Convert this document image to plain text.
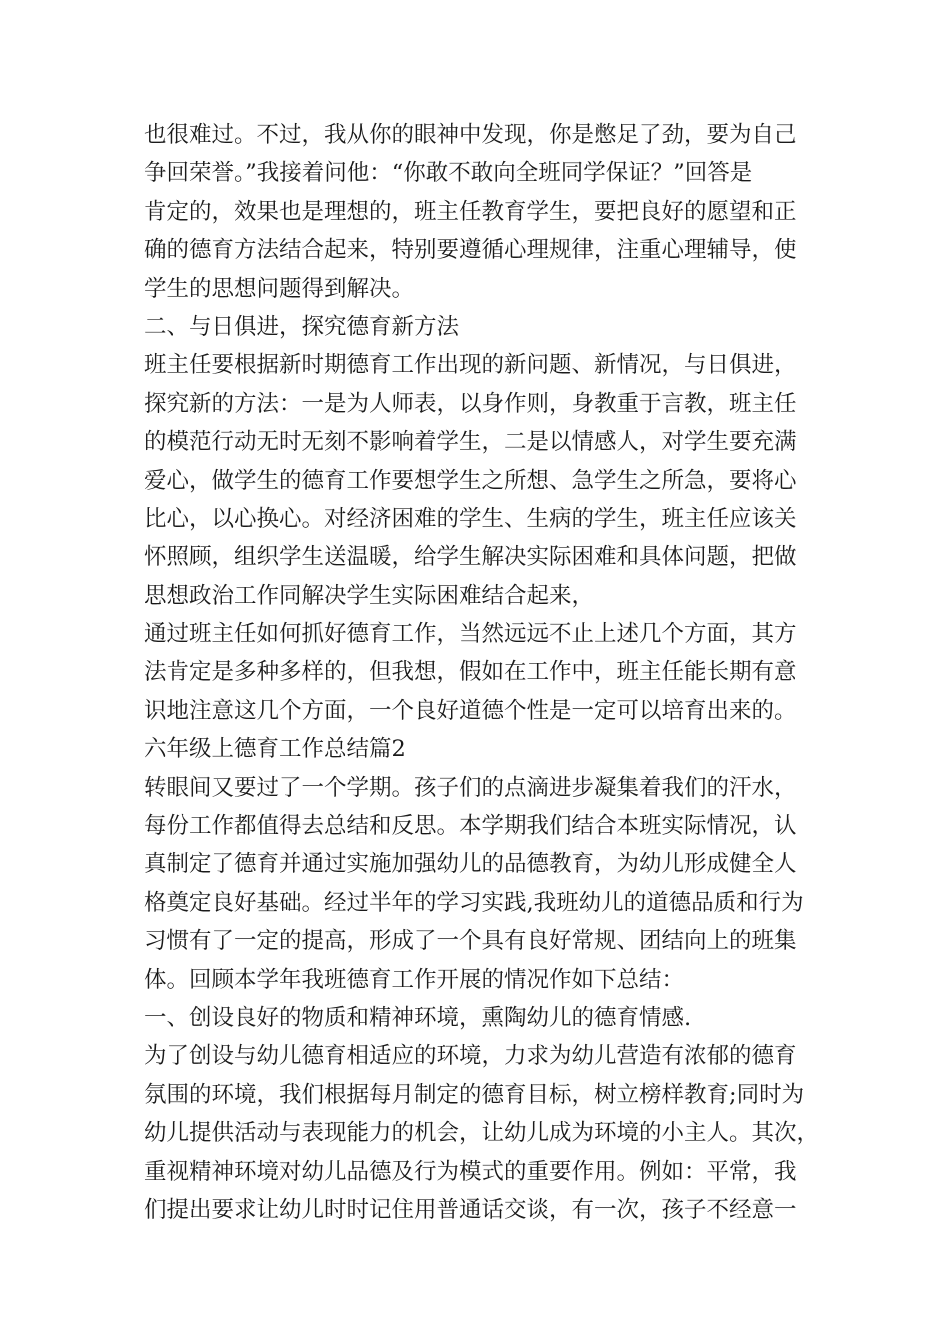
也很难过。不过，我从你的眼神中发现，你是憋足了劲，要为自己
争回荣誉。”我接着问他：“你敢不敢向全班同学保证？”回答是
肯定的，效果也是理想的，班主任教育学生，要把良好的愿望和正
确的德育方法结合起来，特别要遵循心理规律，注重心理辅导，使
学生的思想问题得到解决。
二、与日俱进，探究德育新方法
班主任要根据新时期德育工作出现的新问题、新情况，与日俱进，
探究新的方法：一是为人师表，以身作则，身教重于言教，班主任
的模范行动无时无刻不影响着学生，二是以情感人，对学生要充满
爱心，做学生的德育工作要想学生之所想、急学生之所急，要将心
比心，以心换心。对经济困难的学生、生病的学生，班主任应该关
怀照顾，组织学生送温暖，给学生解决实际困难和具体问题，把做
思想政治工作同解决学生实际困难结合起来，
通过班主任如何抓好德育工作，当然远远不止上述几个方面，其方
法肯定是多种多样的，但我想，假如在工作中，班主任能长期有意
识地注意这几个方面，一个良好道德个性是一定可以培育出来的。
六年级上德育工作总结篇2
转眼间又要过了一个学期。孩子们的点滴进步凝集着我们的汗水，
每份工作都值得去总结和反思。本学期我们结合本班实际情况，认
真制定了德育并通过实施加强幼儿的品德教育，为幼儿形成健全人
格奠定良好基础。经过半年的学习实践,我班幼儿的道德品质和行为
习惯有了一定的提高，形成了一个具有良好常规、团结向上的班集
体。回顾本学年我班德育工作开展的情况作如下总结：
一、创设良好的物质和精神环境，熏陶幼儿的德育情感.
为了创设与幼儿德育相适应的环境，力求为幼儿营造有浓郁的德育
氛围的环境，我们根据每月制定的德育目标，树立榜样教育;同时为
幼儿提供活动与表现能力的机会，让幼儿成为环境的小主人。其次，
重视精神环境对幼儿品德及行为模式的重要作用。例如：平常，我
们提出要求让幼儿时时记住用普通话交谈，有一次，孩子不经意一
